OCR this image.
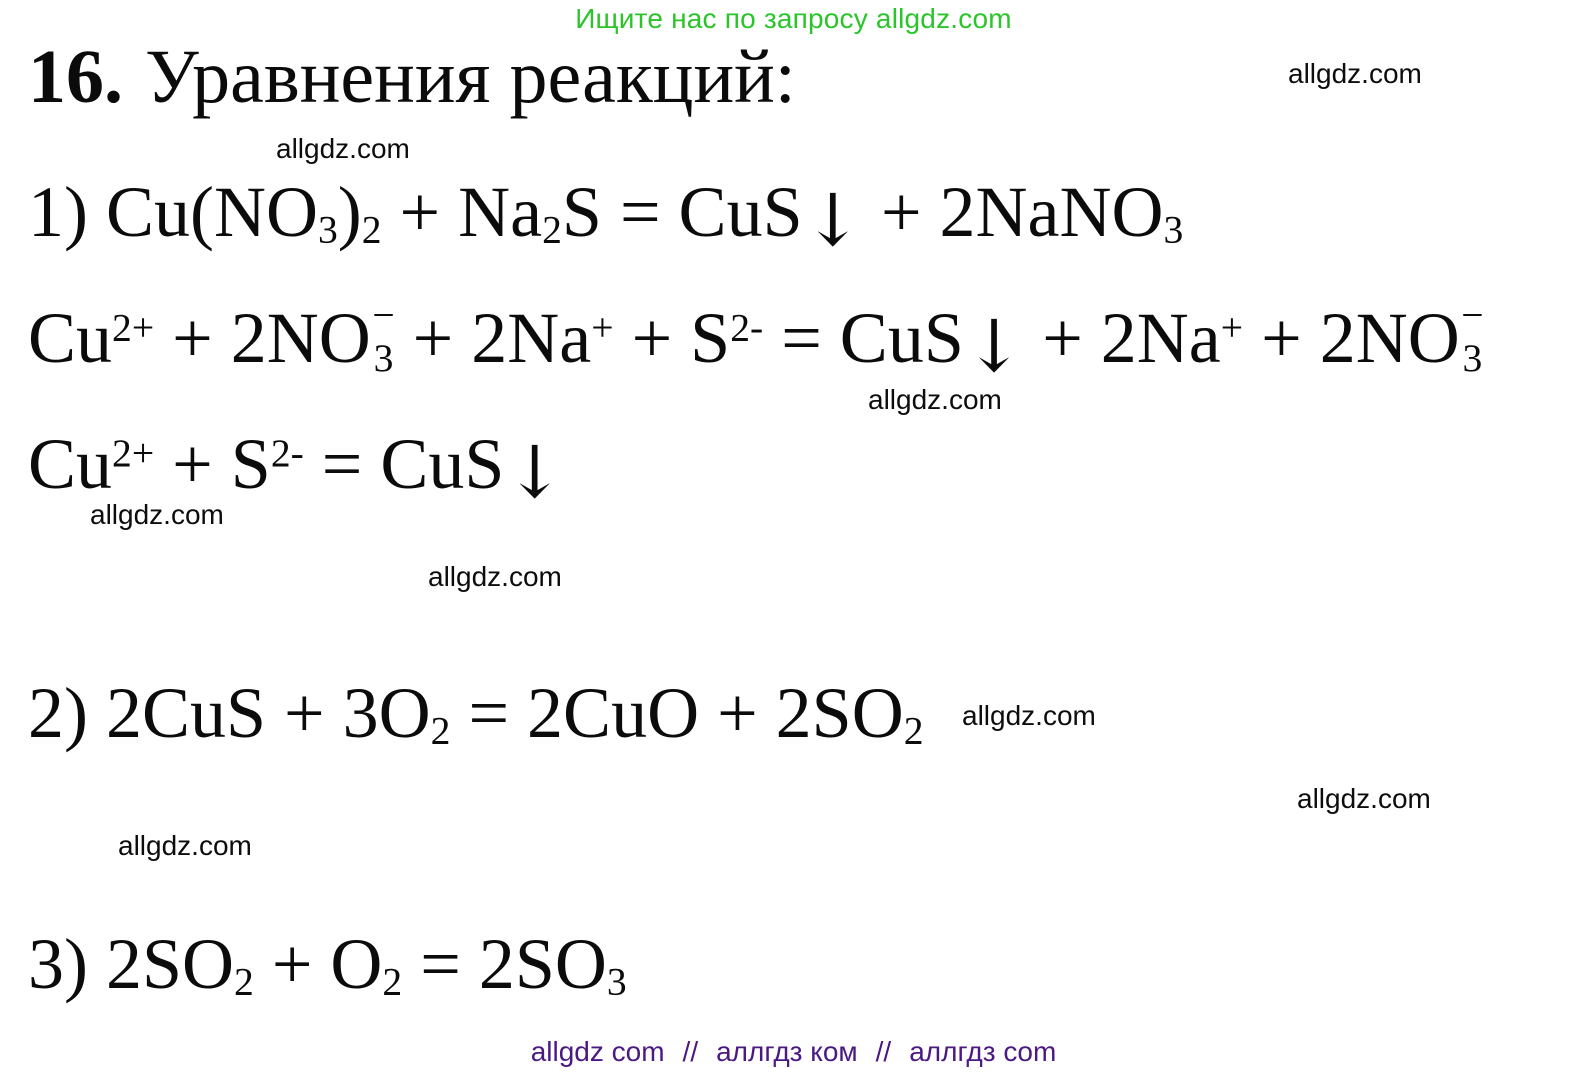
Ищите нас по запросу allgdz.com
allgdz.com
16. Уравнения реакций:
allgdz.com
1) Cu(NO3)2 + Na2S = CuS↓ + 2NaNO3
$Cu^{2+} + 2NO$ −
$3 + 2Na^+ + S^{2-}$ = CuS↓ + 2Na+ + 2NO −
3
allgdz.com
$Cu^{2+} + S^{2-}$ = CuS↓
allgdz.com
allgdz.com
2) 2CuS + 3O2 = 2CuO + 2SO2 allgdz.com
allgdz.com
allgdz.com
3) 2SO2 + O2 = 2SO3
allgdz com // аллгдз ком // аллгдз com
